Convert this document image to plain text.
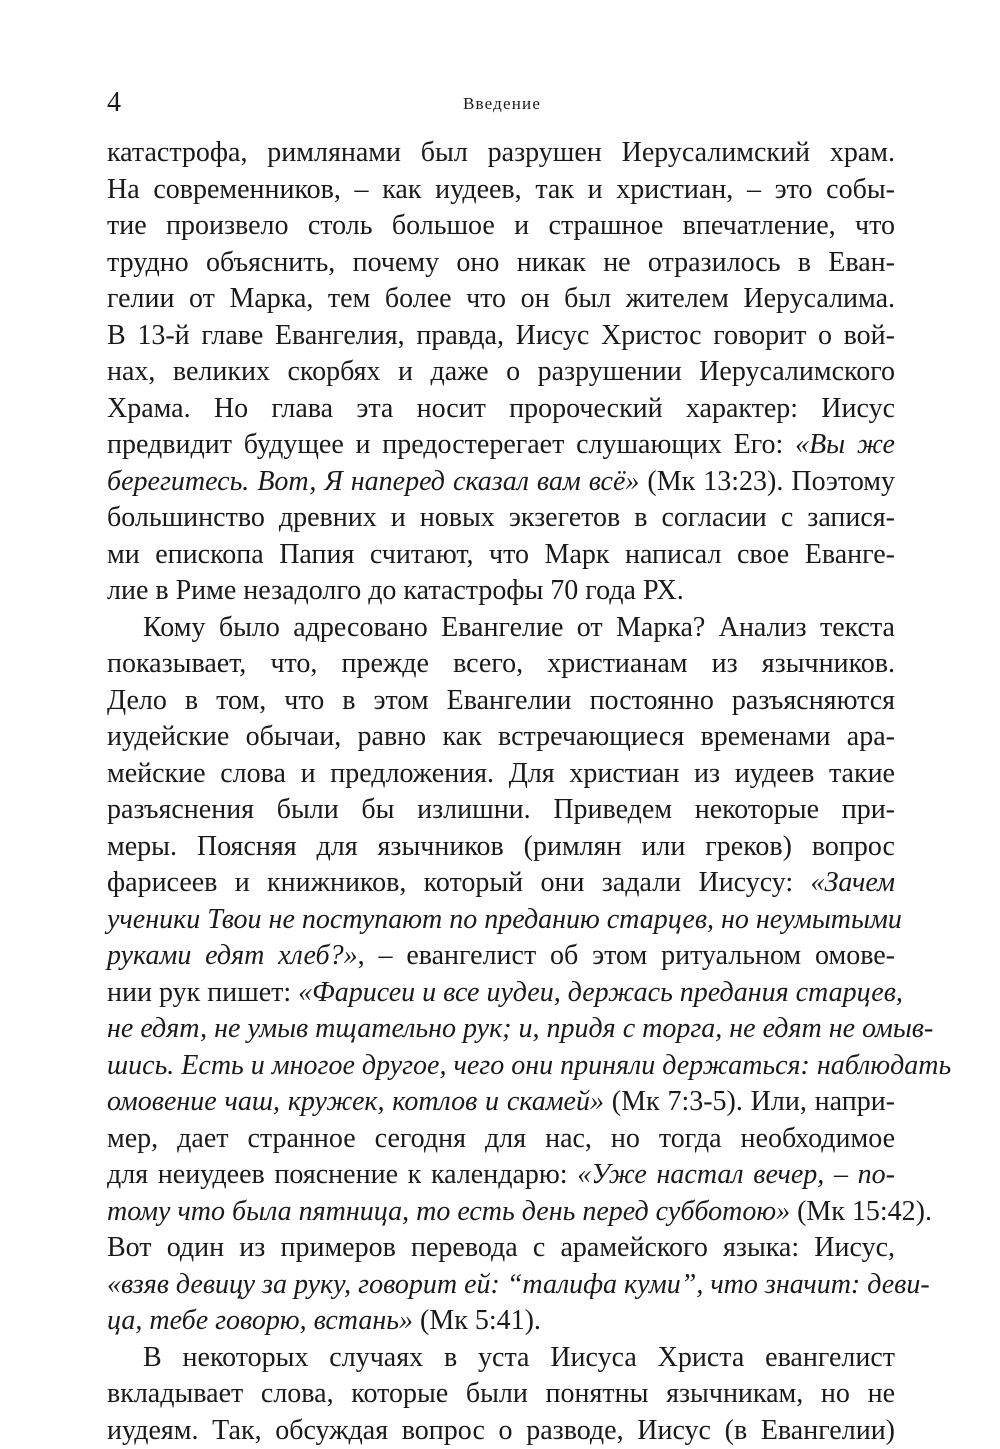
4	Введение
катастрофа, римлянами был разрушен Иерусалимский храм.
На современников, – как иудеев, так и христиан, – это собы-
тие произвело столь большое и страшное впечатление, что
трудно объяснить, почему оно никак не отразилось в Еван-
гелии от Марка, тем более что он был жителем Иерусалима.
В 13-й главе Евангелия, правда, Иисус Христос говорит о вой-
нах, великих скорбях и даже о разрушении Иерусалимского
Храма. Но глава эта носит пророческий характер: Иисус
предвидит будущее и предостерегает слушающих Его: «Вы же
берегитесь. Вот, Я наперед сказал вам всё» (Мк 13:23). Поэтому
большинство древних и новых экзегетов в согласии с запися-
ми епископа Папия считают, что Марк написал свое Еванге-
лие в Риме незадолго до катастрофы 70 года РХ.
Кому было адресовано Евангелие от Марка? Анализ текста
показывает, что, прежде всего, христианам из язычников.
Дело в том, что в этом Евангелии постоянно разъясняются
иудейские обычаи, равно как встречающиеся временами ара-
мейские слова и предложения. Для христиан из иудеев такие
разъяснения были бы излишни. Приведем некоторые при-
меры. Поясняя для язычников (римлян или греков) вопрос
фарисеев и книжников, который они задали Иисусу: «Зачем
ученики Твои не поступают по преданию старцев, но неумытыми
руками едят хлеб?», – евангелист об этом ритуальном омове-
нии рук пишет: «Фарисеи и все иудеи, держась предания старцев,
не едят, не умыв тщательно рук; и, придя с торга, не едят не омыв-
шись. Есть и многое другое, чего они приняли держаться: наблюдать
омовение чаш, кружек, котлов и скамей» (Мк 7:3-5). Или, напри-
мер, дает странное сегодня для нас, но тогда необходимое
для неиудеев пояснение к календарю: «Уже настал вечер, – по-
тому что была пятница, то есть день перед субботою» (Мк 15:42).
Вот один из примеров перевода с арамейского языка: Иисус,
«взяв девицу за руку, говорит ей: “талифа куми”, что значит: деви-
ца, тебе говорю, встань» (Мк 5:41).
В некоторых случаях в уста Иисуса Христа евангелист
вкладывает слова, которые были понятны язычникам, но не
иудеям. Так, обсуждая вопрос о разводе, Иисус (в Евангелии)
